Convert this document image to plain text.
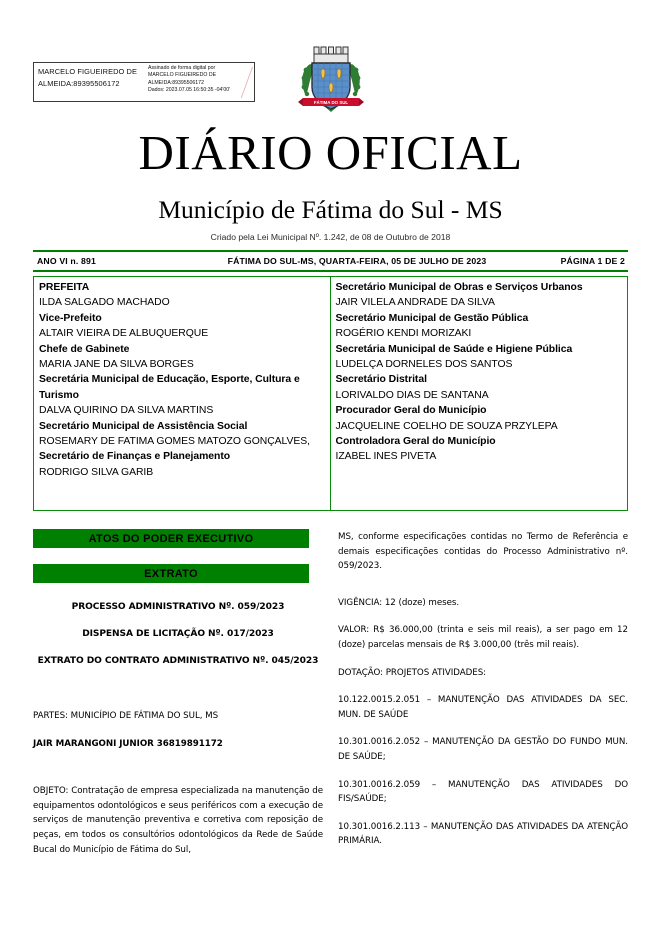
MARCELO FIGUEIREDO DE
ALMEIDA:89395506172
Assinado de forma digital por
MARCELO FIGUEIREDO DE
ALMEIDA:89395506172
Dados: 2023.07.05 16:50:35 -04'00'
FÁTIMA DO SUL
DIÁRIO OFICIAL
Município de Fátima do Sul - MS
Criado pela Lei Municipal Nº. 1.242, de 08 de Outubro de 2018
ANO VI n. 891	FÁTIMA DO SUL-MS, QUARTA-FEIRA, 05 DE JULHO DE 2023	PÁGINA 1 DE 2
PREFEITA
ILDA SALGADO MACHADO
Vice-Prefeito
ALTAIR VIEIRA DE ALBUQUERQUE
Chefe de Gabinete
MARIA JANE DA SILVA BORGES
Secretária Municipal de Educação, Esporte, Cultura e Turismo
DALVA QUIRINO DA SILVA MARTINS
Secretário Municipal de Assistência Social
ROSEMARY DE FATIMA GOMES MATOZO GONÇALVES,
Secretário de Finanças e Planejamento
RODRIGO SILVA GARIB
Secretário Municipal de Obras e Serviços Urbanos
JAIR VILELA ANDRADE DA SILVA
Secretário Municipal de Gestão Pública
ROGÉRIO KENDI MORIZAKI
Secretária Municipal de Saúde e Higiene Pública
LUDELÇA DORNELES DOS SANTOS
Secretário Distrital
LORIVALDO DIAS DE SANTANA
Procurador Geral do Município
JACQUELINE COELHO DE SOUZA PRZYLEPA
Controladora Geral do Município
IZABEL INES PIVETA
ATOS DO PODER EXECUTIVO
EXTRATO
PROCESSO ADMINISTRATIVO Nº. 059/2023
DISPENSA DE LICITAÇÃO Nº. 017/2023
EXTRATO DO CONTRATO ADMINISTRATIVO Nº. 045/2023
PARTES: MUNICÍPIO DE FÁTIMA DO SUL, MS
JAIR MARANGONI JUNIOR 36819891172
OBJETO: Contratação de empresa especializada na manutenção de equipamentos odontológicos e seus periféricos com a execução de serviços de manutenção preventiva e corretiva com reposição de peças, em todos os consultórios odontológicos da Rede de Saúde Bucal do Município de Fátima do Sul,
MS, conforme especificações contidas no Termo de Referência e demais especificações contidas do Processo Administrativo nº. 059/2023.
VIGÊNCIA: 12 (doze) meses.
VALOR: R$ 36.000,00 (trinta e seis mil reais), a ser pago em 12 (doze) parcelas mensais de R$ 3.000,00 (três mil reais).
DOTAÇÃO: PROJETOS ATIVIDADES:
10.122.0015.2.051 – MANUTENÇÃO DAS ATIVIDADES DA SEC. MUN. DE SAÚDE
10.301.0016.2.052 – MANUTENÇÃO DA GESTÃO DO FUNDO MUN. DE SAÚDE;
10.301.0016.2.059 – MANUTENÇÃO DAS ATIVIDADES DO FIS/SAÚDE;
10.301.0016.2.113 – MANUTENÇÃO DAS ATIVIDADES DA ATENÇÃO PRIMÁRIA.
